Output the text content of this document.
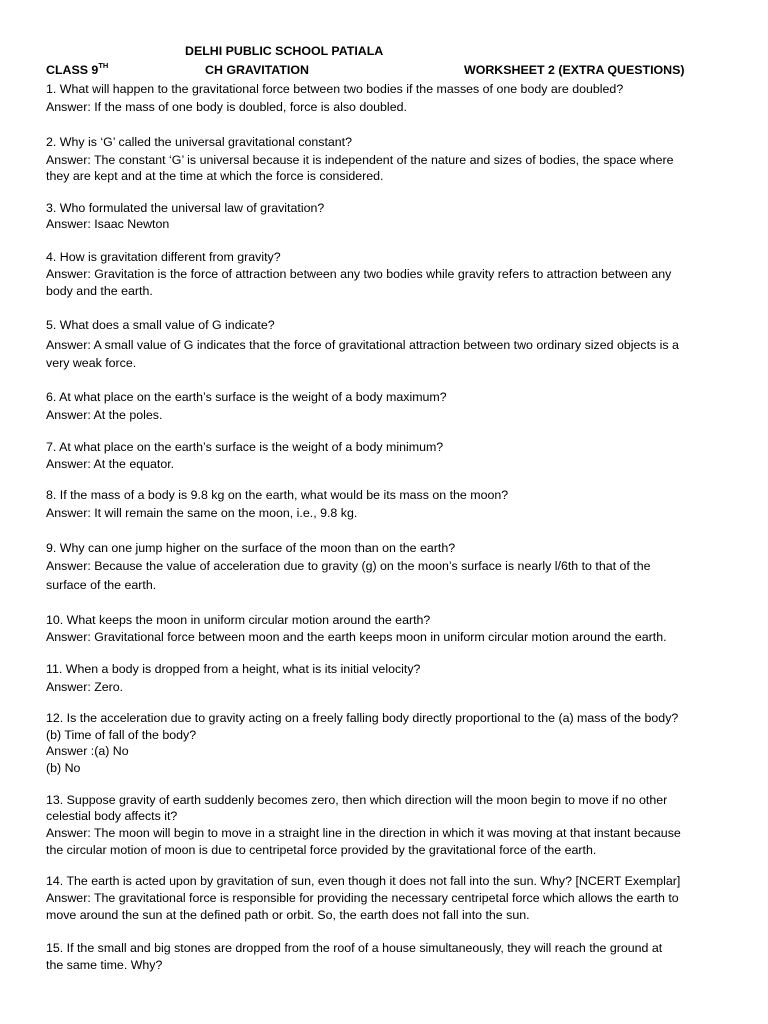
DELHI PUBLIC SCHOOL PATIALA
CLASS 9TH	CH GRAVITATION	WORKSHEET 2 (EXTRA QUESTIONS)
1. What will happen to the gravitational force between two bodies if the masses of one body are doubled?
Answer: If the mass of one body is doubled, force is also doubled.
2. Why is ‘G’ called the universal gravitational constant?
Answer: The constant ‘G’ is universal because it is independent of the nature and sizes of bodies, the space where
they are kept and at the time at which the force is considered.
3. Who formulated the universal law of gravitation?
Answer: Isaac Newton
4. How is gravitation different from gravity?
Answer: Gravitation is the force of attraction between any two bodies while gravity refers to attraction between any
body and the earth.
5. What does a small value of G indicate?
Answer: A small value of G indicates that the force of gravitational attraction between two ordinary sized objects is a
very weak force.
6. At what place on the earth’s surface is the weight of a body maximum?
Answer: At the poles.
7. At what place on the earth’s surface is the weight of a body minimum?
Answer: At the equator.
8. If the mass of a body is 9.8 kg on the earth, what would be its mass on the moon?
Answer: It will remain the same on the moon, i.e., 9.8 kg.
9. Why can one jump higher on the surface of the moon than on the earth?
Answer: Because the value of acceleration due to gravity (g) on the moon’s surface is nearly l/6th to that of the
surface of the earth.
10. What keeps the moon in uniform circular motion around the earth?
Answer: Gravitational force between moon and the earth keeps moon in uniform circular motion around the earth.
11. When a body is dropped from a height, what is its initial velocity?
Answer: Zero.
12. Is the acceleration due to gravity acting on a freely falling body directly proportional to the (a) mass of the body?
(b) Time of fall of the body?
Answer :(a) No
(b) No
13. Suppose gravity of earth suddenly becomes zero, then which direction will the moon begin to move if no other
celestial body affects it?
Answer: The moon will begin to move in a straight line in the direction in which it was moving at that instant because
the circular motion of moon is due to centripetal force provided by the gravitational force of the earth.
14. The earth is acted upon by gravitation of sun, even though it does not fall into the sun. Why? [NCERT Exemplar]
Answer: The gravitational force is responsible for providing the necessary centripetal force which allows the earth to
move around the sun at the defined path or orbit. So, the earth does not fall into the sun.
15. If the small and big stones are dropped from the roof of a house simultaneously, they will reach the ground at
the same time. Why?
